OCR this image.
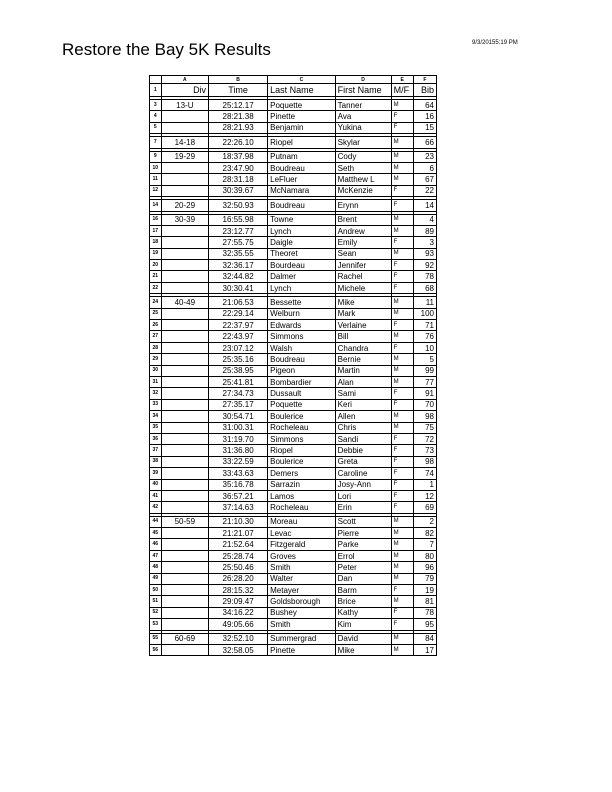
Restore the Bay 5K Results	9/3/20155:19 PM
	A	B	C	D	E	F
1	Div	Time	Last Name	First Name	M/F	Bib

3	13-U	25:12.17	Poquette	Tanner	M	64
4		28:21.38	Pinette	Ava	F	16
5		28:21.93	Benjamin	Yukina	F	15

7	14-18	22:26.10	Riopel	Skylar	M	66

9	19-29	18:37.98	Putnam	Cody	M	23
10		23:47.90	Boudreau	Seth	M	6
11		28:31.18	LeFluer	Matthew L	M	67
12		30:39.67	McNamara	McKenzie	F	22

14	20-29	32:50.93	Boudreau	Erynn	F	14

16	30-39	16:55.98	Towne	Brent	M	4
17		23:12.77	Lynch	Andrew	M	89
18		27:55.75	Daigle	Emily	F	3
19		32:35.55	Theoret	Sean	M	93
20		32:36.17	Bourdeau	Jennifer	F	92
21		32:44.82	Dalmer	Rachel	F	78
22		30:30.41	Lynch	Michele	F	68

24	40-49	21:06.53	Bessette	Mike	M	11
25		22:29.14	Welburn	Mark	M	100
26		22:37.97	Edwards	Verlaine	F	71
27		22:43.97	Simmons	Bill	M	76
28		23:07.12	Walsh	Chandra	F	10
29		25:35.16	Boudreau	Bernie	M	5
30		25:38.95	Pigeon	Martin	M	99
31		25:41.81	Bombardier	Alan	M	77
32		27:34.73	Dussault	Sami	F	91
33		27:35.17	Poquette	Keri	F	70
34		30:54.71	Boulerice	Allen	M	98
35		31:00.31	Rocheleau	Chris	M	75
36		31:19.70	Simmons	Sandi	F	72
37		31:36.80	Riopel	Debbie	F	73
38		33:22.59	Boulerice	Greta	F	98
39		33:43.63	Demers	Caroline	F	74
40		35:16.78	Sarrazin	Josy-Ann	F	1
41		36:57.21	Lamos	Lori	F	12
42		37:14.63	Rocheleau	Erin	F	69

44	50-59	21:10.30	Moreau	Scott	M	2
45		21:21.07	Levac	Pierre	M	82
46		21:52.64	Fitzgerald	Parke	M	7
47		25:28.74	Groves	Errol	M	80
48		25:50.46	Smith	Peter	M	96
49		26:28.20	Walter	Dan	M	79
50		28:15.32	Metayer	Barm	F	19
51		29:09.47	Goldsborough	Brice	M	81
52		34:16.22	Bushey	Kathy	F	78
53		49:05.66	Smith	Kim	F	95

55	60-69	32:52.10	Summergrad	David	M	84
56		32:58.05	Pinette	Mike	M	17
